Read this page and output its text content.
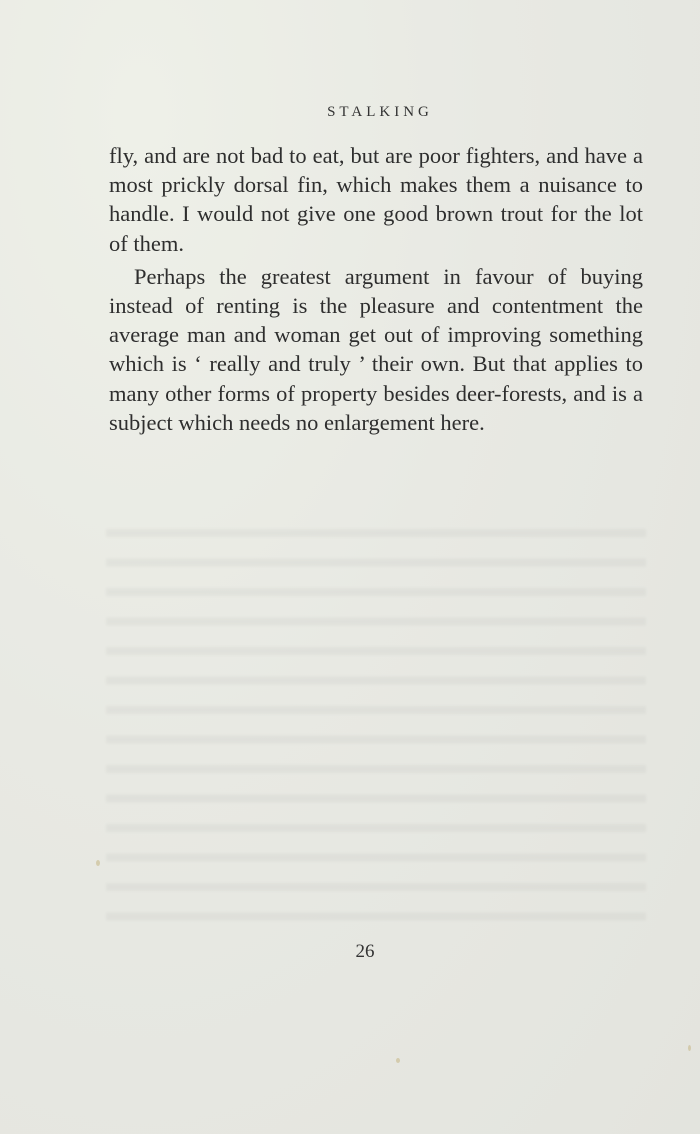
STALKING

fly, and are not bad to eat, but are poor fighters, and have a most prickly dorsal fin, which makes them a nuisance to handle. I would not give one good brown trout for the lot of them.

Perhaps the greatest argument in favour of buying instead of renting is the pleasure and contentment the average man and woman get out of improving something which is ‘ really and truly ’ their own. But that applies to many other forms of property besides deer-forests, and is a subject which needs no enlargement here.

26
